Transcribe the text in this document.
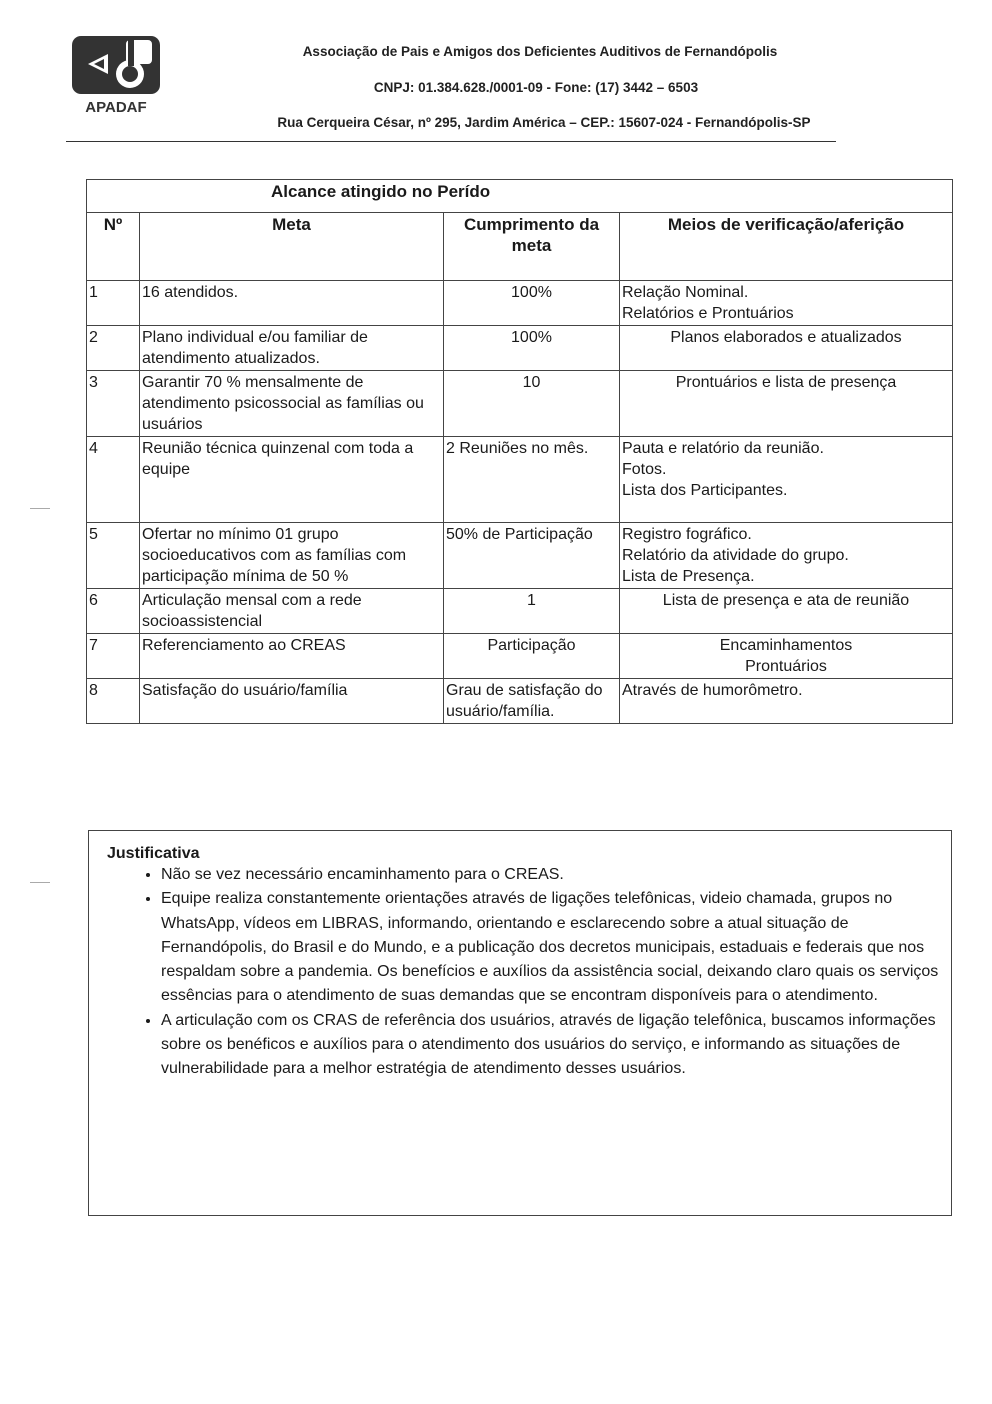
APADAF
Associação de Pais e Amigos dos Deficientes Auditivos de Fernandópolis
CNPJ: 01.384.628./0001-09 - Fone: (17) 3442 – 6503
Rua Cerqueira César, nº 295, Jardim América – CEP.: 15607-024 - Fernandópolis-SP
Alcance atingido no Perído			
Nº	Meta	Cumprimento da meta	Meios de verificação/aferição
1	16 atendidos.	100%	Relação Nominal.
Relatórios e Prontuários

2	Plano individual e/ou familiar de atendimento atualizados.	100%	Planos elaborados e atualizados

3	Garantir 70 % mensalmente de atendimento psicossocial as famílias ou usuários	10	Prontuários e lista de presença

4	Reunião técnica quinzenal com toda a equipe	2 Reuniões no mês.	Pauta e relatório da reunião.
Fotos.
Lista dos Participantes.

5	Ofertar no mínimo 01 grupo socioeducativos com as famílias com participação mínima de 50 %	50% de Participação	Registro fográfico.
Relatório da atividade do grupo.
Lista de Presença.

6	Articulação mensal com a rede socioassistencial	1	Lista de presença e ata de reunião

7	Referenciamento ao CREAS	Participação	Encaminhamentos
Prontuários

8	Satisfação do usuário/família	Grau de satisfação do usuário/família.	Através de humorômetro.
Justificativa
• Não se vez necessário encaminhamento para o CREAS.
• Equipe realiza constantemente orientações através de ligações telefônicas, videio chamada, grupos no WhatsApp, vídeos em LIBRAS, informando, orientando e esclarecendo sobre a atual situação de Fernandópolis, do Brasil e do Mundo, e a publicação dos decretos municipais, estaduais e federais que nos respaldam sobre a pandemia. Os benefícios e auxílios da assistência social, deixando claro quais os serviços essências para o atendimento de suas demandas que se encontram disponíveis para o atendimento.
• A articulação com os CRAS de referência dos usuários, através de ligação telefônica, buscamos informações sobre os benéficos e auxílios para o atendimento dos usuários do serviço, e informando as situações de vulnerabilidade para a melhor estratégia de atendimento desses usuários.
